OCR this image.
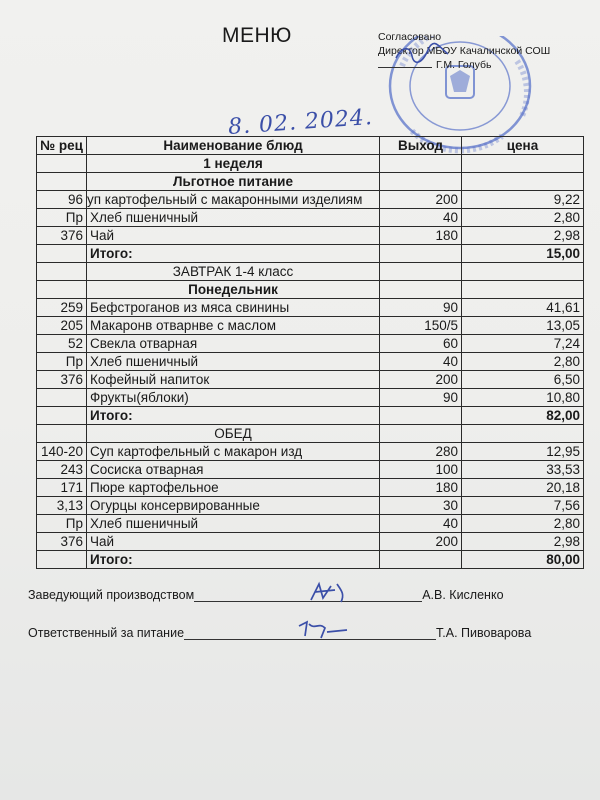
МЕНЮ	Согласовано
Директор МБОУ Качалинской СОШ
Г.М. Голубь
8. 02. 2024.
№ рец	Наименование блюд	Выход	цена
	1 неделя		
	Льготное питание		
96	уп картофельный с макаронными изделиям	200	9,22
Пр	Хлеб пшеничный	40	2,80
376	Чай	180	2,98
	Итого:		15,00
	ЗАВТРАК 1-4 класс		
	Понедельник		
259	Бефстроганов из мяса свинины	90	41,61
205	Макаронв отварнве с маслом	150/5	13,05
52	Свекла отварная	60	7,24
Пр	Хлеб пшеничный	40	2,80
376	Кофейный напиток	200	6,50
	Фрукты(яблоки)	90	10,80
	Итого:		82,00
	ОБЕД		
140-20	Суп картофельный с макарон изд	280	12,95
243	Сосиска отварная	100	33,53
171	Пюре картофельное	180	20,18
3,13	Огурцы консервированные	30	7,56
Пр	Хлеб пшеничный	40	2,80
376	Чай	200	2,98
	Итого:		80,00
Заведующий производством	А.В. Кисленко
Ответственный за питание	Т.А. Пивоварова
